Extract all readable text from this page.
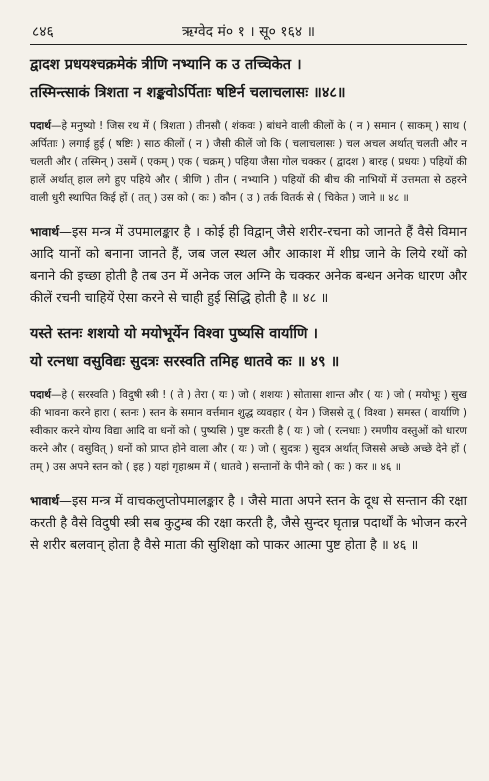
८४६	ऋग्वेद मं० १ । सू० १६४ ॥
द्वादश प्रधयश्चक्रमेकं त्रीणि नभ्यानि क उ तच्चिकेत ।
तस्मिन्त्साकं त्रिशता न शङ्कवोऽर्पिताः षष्टिर्न चलाचलासः ॥४८॥
पदार्थ—हे मनुष्यो ! जिस रथ में ( त्रिशता ) तीनसौ ( शंकवः ) बांधने वाली कीलों के ( न ) समान ( साकम् ) साथ ( अर्पिताः ) लगाई हुई ( षष्टिः ) साठ कीलों ( न ) जैसी कीलें जो कि ( चलाचलासः ) चल अचल अर्थात् चलती और न चलती और ( तस्मिन् ) उसमें ( एकम् ) एक ( चक्रम् ) पहिया जैसा गोल चक्कर ( द्वादश ) बारह ( प्रधयः ) पहियों की हालें अर्थात् हाल लगे हुए पहिये और ( त्रीणि ) तीन ( नभ्यानि ) पहियों की बीच की नाभियों में उत्तमता से ठहरने वाली धुरी स्थापित किई हों ( तत् ) उस को ( कः ) कौन ( उ ) तर्क वितर्क से ( चिकेत ) जाने ॥ ४८ ॥
भावार्थ—इस मन्त्र में उपमालङ्कार है । कोई ही विद्वान् जैसे शरीर-रचना को जानते हैं वैसे विमान आदि यानों को बनाना जानते हैं, जब जल स्थल और आकाश में शीघ्र जाने के लिये रथों को बनाने की इच्छा होती है तब उन में अनेक जल अग्नि के चक्कर अनेक बन्धन अनेक धारण और कीलें रचनी चाहियें ऐसा करने से चाही हुई सिद्धि होती है ॥ ४८ ॥
यस्ते स्तनः शशयो यो मयोभूर्येन विश्वा पुष्यसि वार्याणि ।
यो रत्नधा वसुविद्यः सुदत्रः सरस्वति तमिह धातवे कः ॥ ४९ ॥
पदार्थ—हे ( सरस्वति ) विदुषी स्त्री ! ( ते ) तेरा ( यः ) जो ( शशयः ) सोतासा शान्त और ( यः ) जो ( मयोभूः ) सुख की भावना करने हारा ( स्तनः ) स्तन के समान वर्त्तमान शुद्ध व्यवहार ( येन ) जिससे तू ( विश्वा ) समस्त ( वार्याणि ) स्वीकार करने योग्य विद्या आदि वा धनों को ( पुष्यसि ) पुष्ट करती है ( यः ) जो ( रत्नधाः ) रमणीय वस्तुओं को धारण करने और ( वसुवित् ) धनों को प्राप्त होने वाला और ( यः ) जो ( सुदत्रः ) सुदत्र अर्थात् जिससे अच्छे अच्छे देने हों ( तम् ) उस अपने स्तन को ( इह ) यहां गृहाश्रम में ( धातवे ) सन्तानों के पीने को ( कः ) कर ॥ ४६ ॥
भावार्थ—इस मन्त्र में वाचकलुप्तोपमालङ्कार है । जैसे माता अपने स्तन के दूध से सन्तान की रक्षा करती है वैसे विदुषी स्त्री सब कुटुम्ब की रक्षा करती है, जैसे सुन्दर घृतान्न पदार्थों के भोजन करने से शरीर बलवान् होता है वैसे माता की सुशिक्षा को पाकर आत्मा पुष्ट होता है ॥ ४६ ॥
